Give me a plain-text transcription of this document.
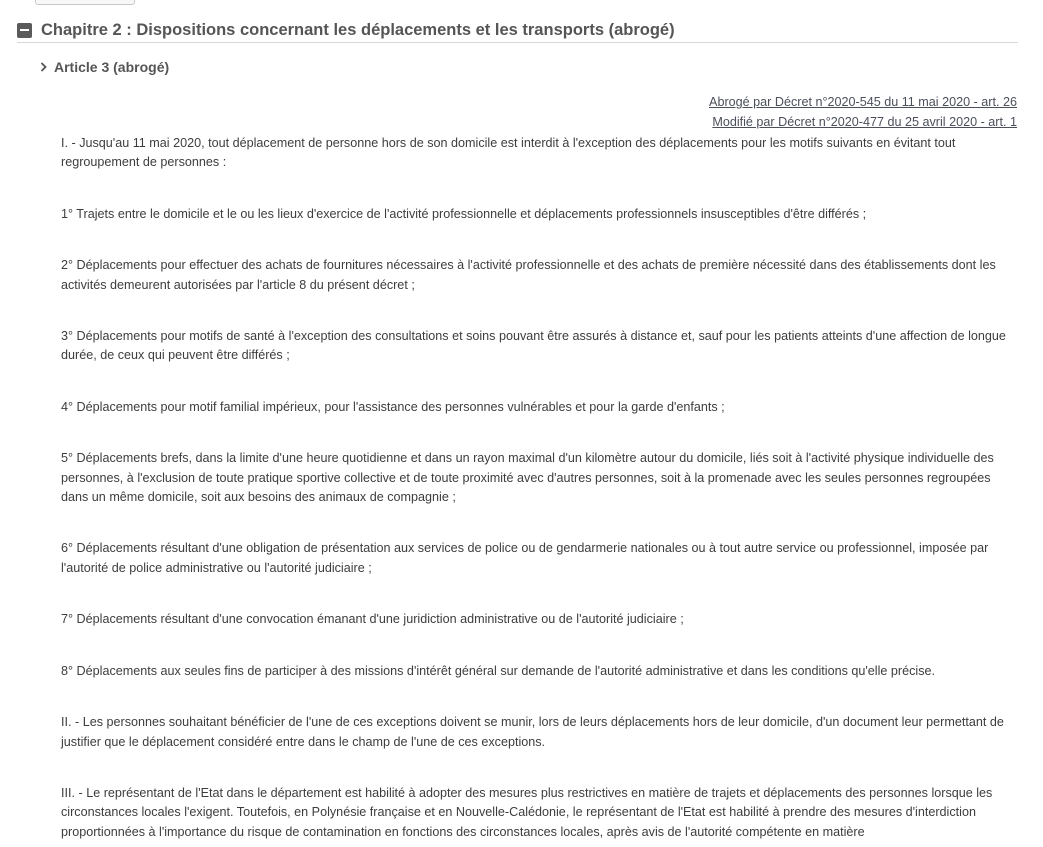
Chapitre 2 : Dispositions concernant les déplacements et les transports (abrogé)
Article 3 (abrogé)
Abrogé par Décret n°2020-545 du 11 mai 2020 - art. 26
Modifié par Décret n°2020-477 du 25 avril 2020 - art. 1

I. - Jusqu'au 11 mai 2020, tout déplacement de personne hors de son domicile est interdit à l'exception des déplacements pour les motifs suivants en évitant tout regroupement de personnes :

1° Trajets entre le domicile et le ou les lieux d'exercice de l'activité professionnelle et déplacements professionnels insusceptibles d'être différés ;

2° Déplacements pour effectuer des achats de fournitures nécessaires à l'activité professionnelle et des achats de première nécessité dans des établissements dont les activités demeurent autorisées par l'article 8 du présent décret ;

3° Déplacements pour motifs de santé à l'exception des consultations et soins pouvant être assurés à distance et, sauf pour les patients atteints d'une affection de longue durée, de ceux qui peuvent être différés ;

4° Déplacements pour motif familial impérieux, pour l'assistance des personnes vulnérables et pour la garde d'enfants ;

5° Déplacements brefs, dans la limite d'une heure quotidienne et dans un rayon maximal d'un kilomètre autour du domicile, liés soit à l'activité physique individuelle des personnes, à l'exclusion de toute pratique sportive collective et de toute proximité avec d'autres personnes, soit à la promenade avec les seules personnes regroupées dans un même domicile, soit aux besoins des animaux de compagnie ;

6° Déplacements résultant d'une obligation de présentation aux services de police ou de gendarmerie nationales ou à tout autre service ou professionnel, imposée par l'autorité de police administrative ou l'autorité judiciaire ;

7° Déplacements résultant d'une convocation émanant d'une juridiction administrative ou de l'autorité judiciaire ;

8° Déplacements aux seules fins de participer à des missions d'intérêt général sur demande de l'autorité administrative et dans les conditions qu'elle précise.

II. - Les personnes souhaitant bénéficier de l'une de ces exceptions doivent se munir, lors de leurs déplacements hors de leur domicile, d'un document leur permettant de justifier que le déplacement considéré entre dans le champ de l'une de ces exceptions.

III. - Le représentant de l'Etat dans le département est habilité à adopter des mesures plus restrictives en matière de trajets et déplacements des personnes lorsque les circonstances locales l'exigent. Toutefois, en Polynésie française et en Nouvelle-Calédonie, le représentant de l'Etat est habilité à prendre des mesures d'interdiction proportionnées à l'importance du risque de contamination en fonctions des circonstances locales, après avis de l'autorité compétente en matière
